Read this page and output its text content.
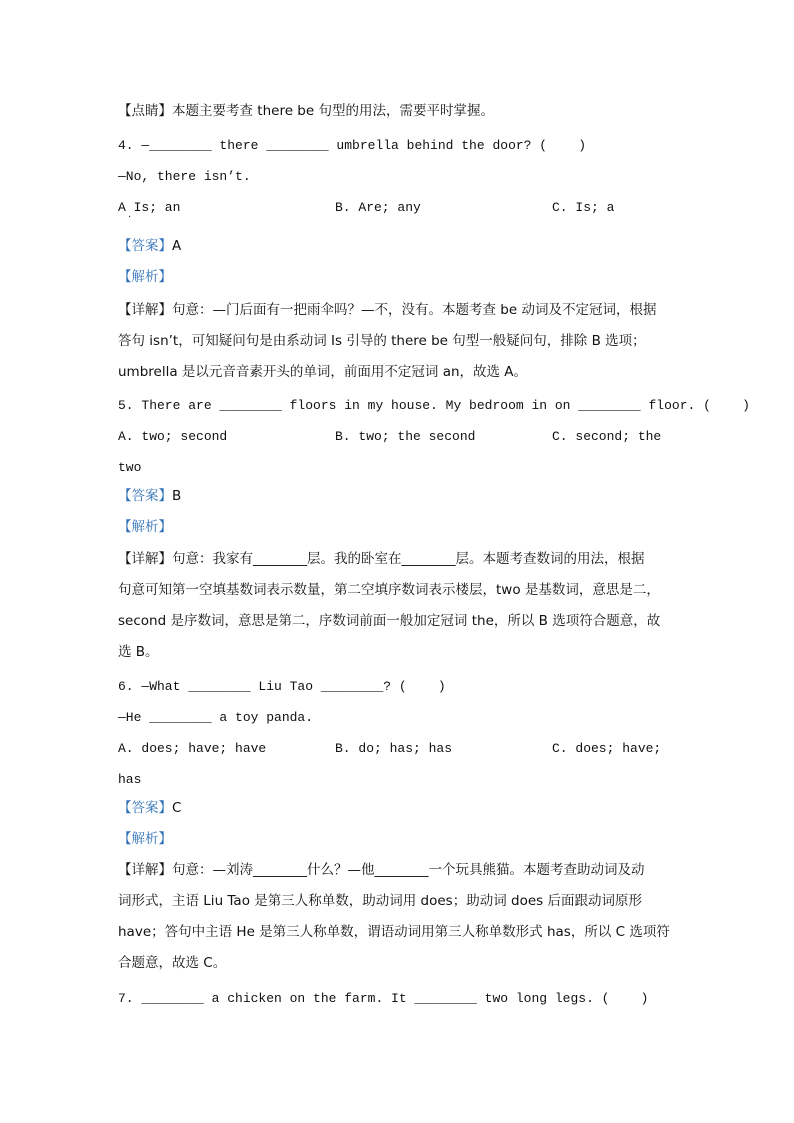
【点睛】本题主要考查 there be 句型的用法，需要平时掌握。
4. —________ there ________ umbrella behind the door? (    )
—No, there isn’t.
A Is; an	B. Are; any	C. Is; a
·
【答案】A
【解析】
【详解】句意：—门后面有一把雨伞吗？—不，没有。本题考查 be 动词及不定冠词，根据
答句 isn’t，可知疑问句是由系动词 Is 引导的 there be 句型一般疑问句，排除 B 选项；
umbrella 是以元音音素开头的单词，前面用不定冠词 an，故选 A。
5. There are ________ floors in my house. My bedroom in on ________ floor. (    )
A. two; second	B. two; the second	C. second; the
two
【答案】B
【解析】
【详解】句意：我家有________层。我的卧室在________层。本题考查数词的用法，根据
句意可知第一空填基数词表示数量，第二空填序数词表示楼层，two 是基数词，意思是二，
second 是序数词，意思是第二，序数词前面一般加定冠词 the，所以 B 选项符合题意，故
选 B。
6. —What ________ Liu Tao ________? (    )
—He ________ a toy panda.
A. does; have; have	B. do; has; has	C. does; have;
has
【答案】C
【解析】
【详解】句意：—刘涛________什么？—他________一个玩具熊猫。本题考查助动词及动
词形式，主语 Liu Tao 是第三人称单数，助动词用 does；助动词 does 后面跟动词原形
have；答句中主语 He 是第三人称单数，谓语动词用第三人称单数形式 has，所以 C 选项符
合题意，故选 C。
7. ________ a chicken on the farm. It ________ two long legs. (    )
